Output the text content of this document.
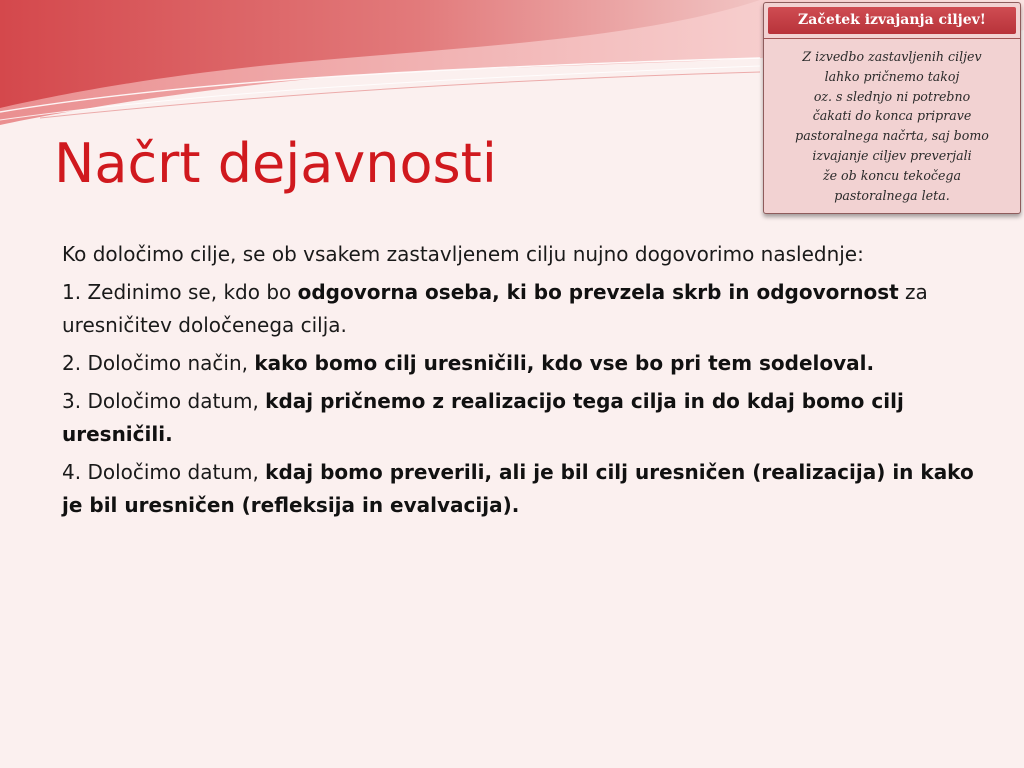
Načrt dejavnosti
Začetek izvajanja ciljev!

Z izvedbo zastavljenih ciljev
lahko pričnemo takoj
oz. s slednjo ni potrebno
čakati do konca priprave
pastoralnega načrta, saj bomo
izvajanje ciljev preverjali
že ob koncu tekočega
pastoralnega leta.

Ko določimo cilje, se ob vsakem zastavljenem cilju nujno dogovorimo naslednje:

1. Zedinimo se, kdo bo odgovorna oseba, ki bo prevzela skrb in odgovornost za uresničitev določenega cilja.

2. Določimo način, kako bomo cilj uresničili, kdo vse bo pri tem sodeloval.

3. Določimo datum, kdaj pričnemo z realizacijo tega cilja in do kdaj bomo cilj uresničili.

4. Določimo datum, kdaj bomo preverili, ali je bil cilj uresničen (realizacija) in kako je bil uresničen (refleksija in evalvacija).
